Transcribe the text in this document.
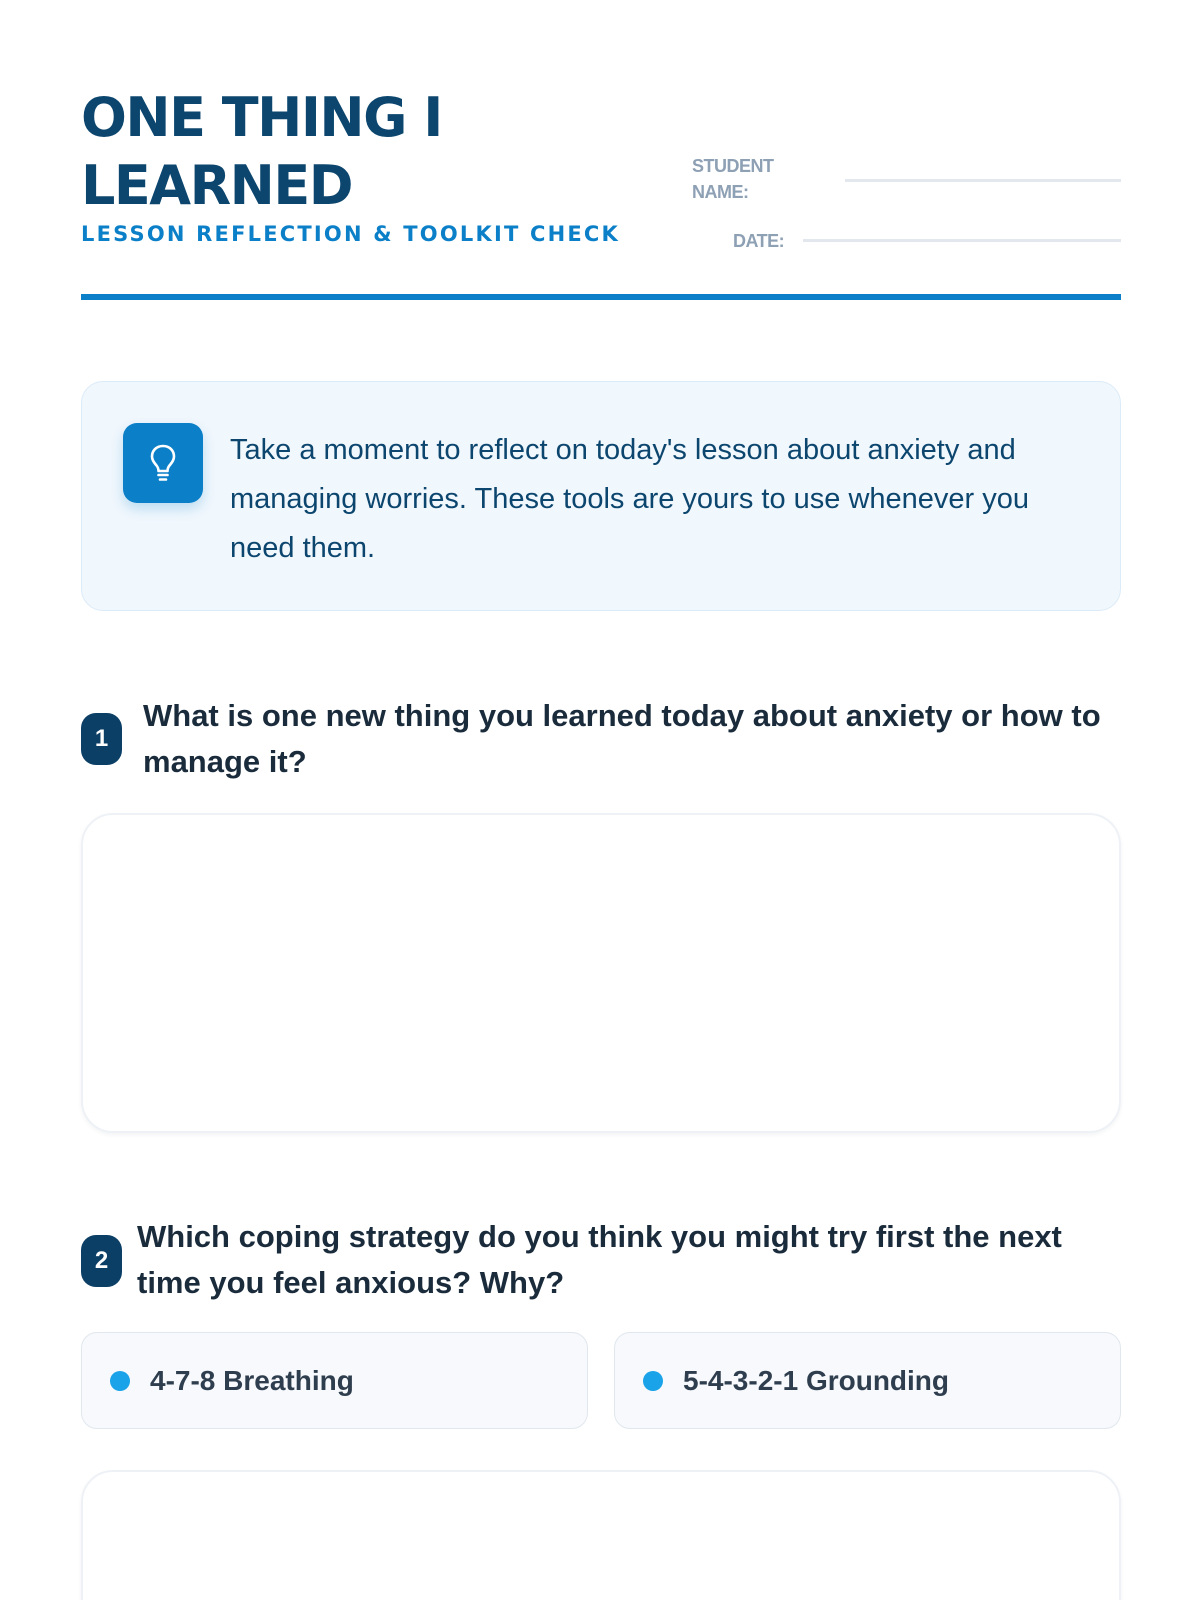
ONE THING I LEARNED
LESSON REFLECTION & TOOLKIT CHECK
STUDENT NAME:
DATE:

Take a moment to reflect on today's lesson about anxiety and managing worries. These tools are yours to use whenever you need them.

1
What is one new thing you learned today about anxiety or how to manage it?
2
Which coping strategy do you think you might try first the next time you feel anxious? Why?
4-7-8 Breathing	5-4-3-2-1 Grounding
